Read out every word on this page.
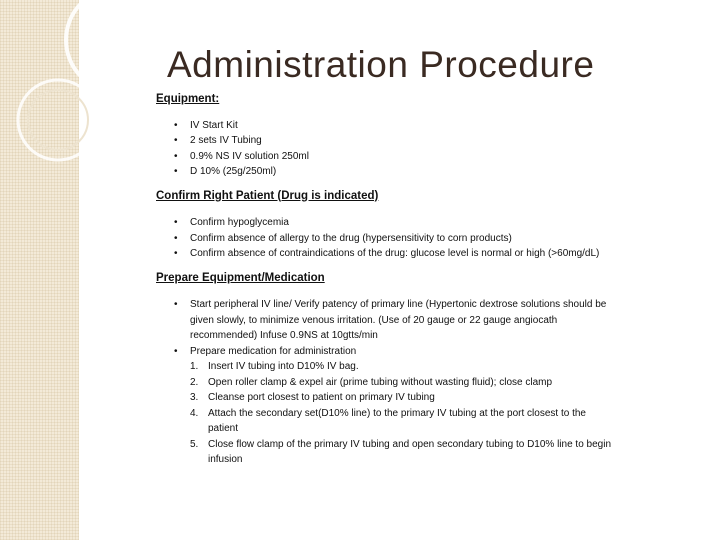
Administration Procedure

Equipment:

• IV Start Kit
• 2 sets IV Tubing
• 0.9% NS IV solution 250ml
• D 10% (25g/250ml)

Confirm Right Patient (Drug is indicated)

• Confirm hypoglycemia
• Confirm absence of allergy to the drug (hypersensitivity to corn products)
• Confirm absence of contraindications of the drug: glucose level is normal or high (>60mg/dL)

Prepare Equipment/Medication

• Start peripheral IV line/ Verify patency of primary line (Hypertonic dextrose solutions should be given slowly, to minimize venous irritation. (Use of 20 gauge or 22 gauge angiocath recommended) Infuse 0.9NS at 10gtts/min
• Prepare medication for administration
1. Insert IV tubing into D10% IV bag.
2. Open roller clamp & expel air (prime tubing without wasting fluid); close clamp
3. Cleanse port closest to patient on primary IV tubing
4. Attach the secondary set(D10% line) to the primary IV tubing at the port closest to the patient
5. Close flow clamp of the primary IV tubing and open secondary tubing to D10% line to begin infusion
